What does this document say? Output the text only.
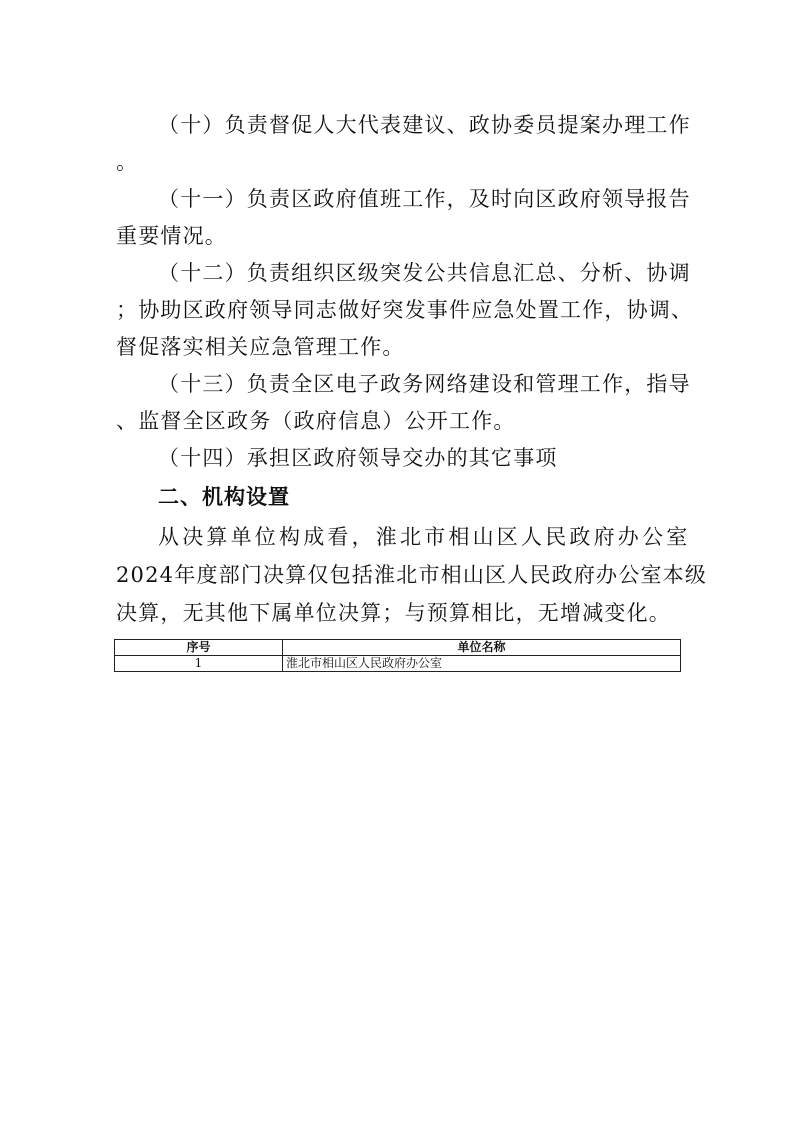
（十）负责督促人大代表建议、政协委员提案办理工作
。
（十一）负责区政府值班工作，及时向区政府领导报告
重要情况。
（十二）负责组织区级突发公共信息汇总、分析、协调
；协助区政府领导同志做好突发事件应急处置工作，协调、
督促落实相关应急管理工作。
（十三）负责全区电子政务网络建设和管理工作，指导
、监督全区政务（政府信息）公开工作。
（十四）承担区政府领导交办的其它事项
二、机构设置
从决算单位构成看，淮北市相山区人民政府办公室
2024年度部门决算仅包括淮北市相山区人民政府办公室本级
决算，无其他下属单位决算；与预算相比，无增减变化。
序号	单位名称
1	淮北市相山区人民政府办公室
